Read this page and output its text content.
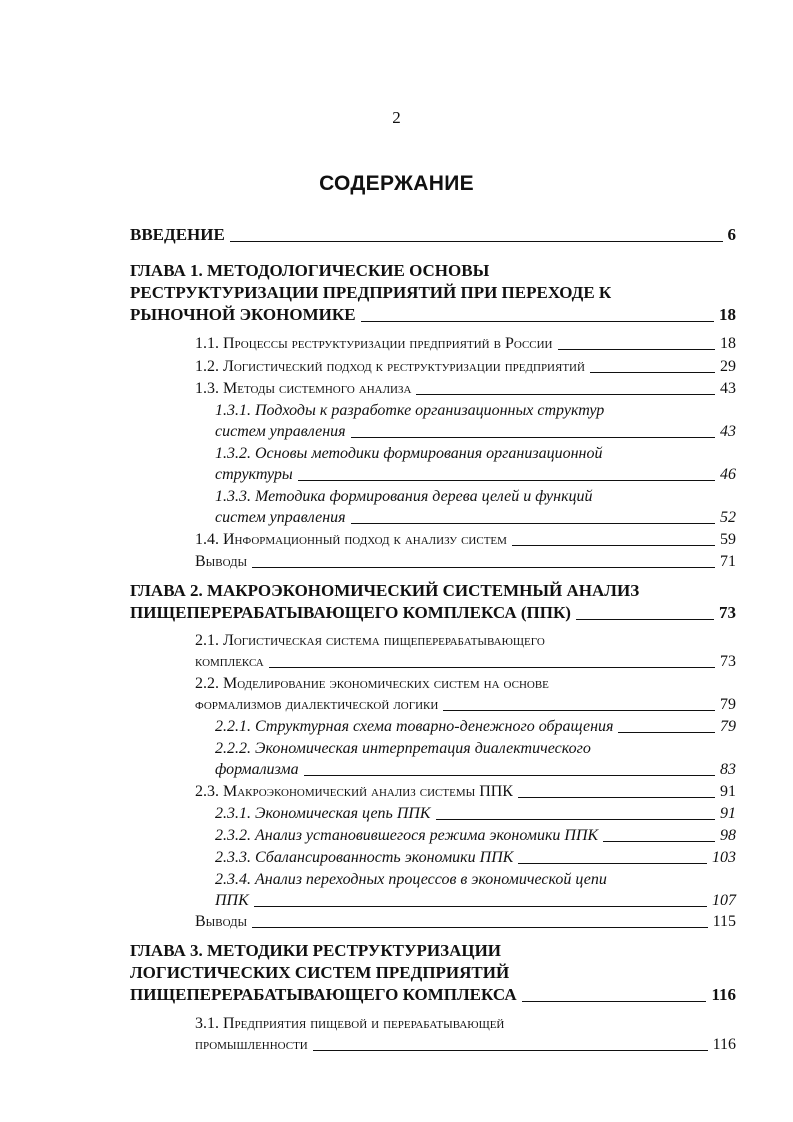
2
СОДЕРЖАНИЕ
ВВЕДЕНИЕ	6
ГЛАВА 1. МЕТОДОЛОГИЧЕСКИЕ ОСНОВЫ
РЕСТРУКТУРИЗАЦИИ ПРЕДПРИЯТИЙ ПРИ ПЕРЕХОДЕ К
РЫНОЧНОЙ ЭКОНОМИКЕ	18
1.1. Процессы реструктуризации предприятий в России	18
1.2. Логистический подход к реструктуризации предприятий	29
1.3. Методы системного анализа	43
1.3.1. Подходы к разработке организационных структур
систем управления	43
1.3.2. Основы методики формирования организационной
структуры	46
1.3.3. Методика формирования дерева целей и функций
систем управления	52
1.4. Информационный подход к анализу систем	59
Выводы	71
ГЛАВА 2. МАКРОЭКОНОМИЧЕСКИЙ СИСТЕМНЫЙ АНАЛИЗ
ПИЩЕПЕРЕРАБАТЫВАЮЩЕГО КОМПЛЕКСА (ППК)	73
2.1. Логистическая система пищеперерабатывающего
комплекса	73
2.2. Моделирование экономических систем на основе
формализмов диалектической логики	79
2.2.1. Структурная схема товарно-денежного обращения	79
2.2.2. Экономическая интерпретация диалектического
формализма	83
2.3. Макроэкономический анализ системы ППК	91
2.3.1. Экономическая цепь ППК	91
2.3.2. Анализ установившегося режима экономики ППК	98
2.3.3. Сбалансированность экономики ППК	103
2.3.4. Анализ переходных процессов в экономической цепи
ППК	107
Выводы	115
ГЛАВА 3. МЕТОДИКИ РЕСТРУКТУРИЗАЦИИ
ЛОГИСТИЧЕСКИХ СИСТЕМ ПРЕДПРИЯТИЙ
ПИЩЕПЕРЕРАБАТЫВАЮЩЕГО КОМПЛЕКСА	116
3.1. Предприятия пищевой и перерабатывающей
промышленности	116
